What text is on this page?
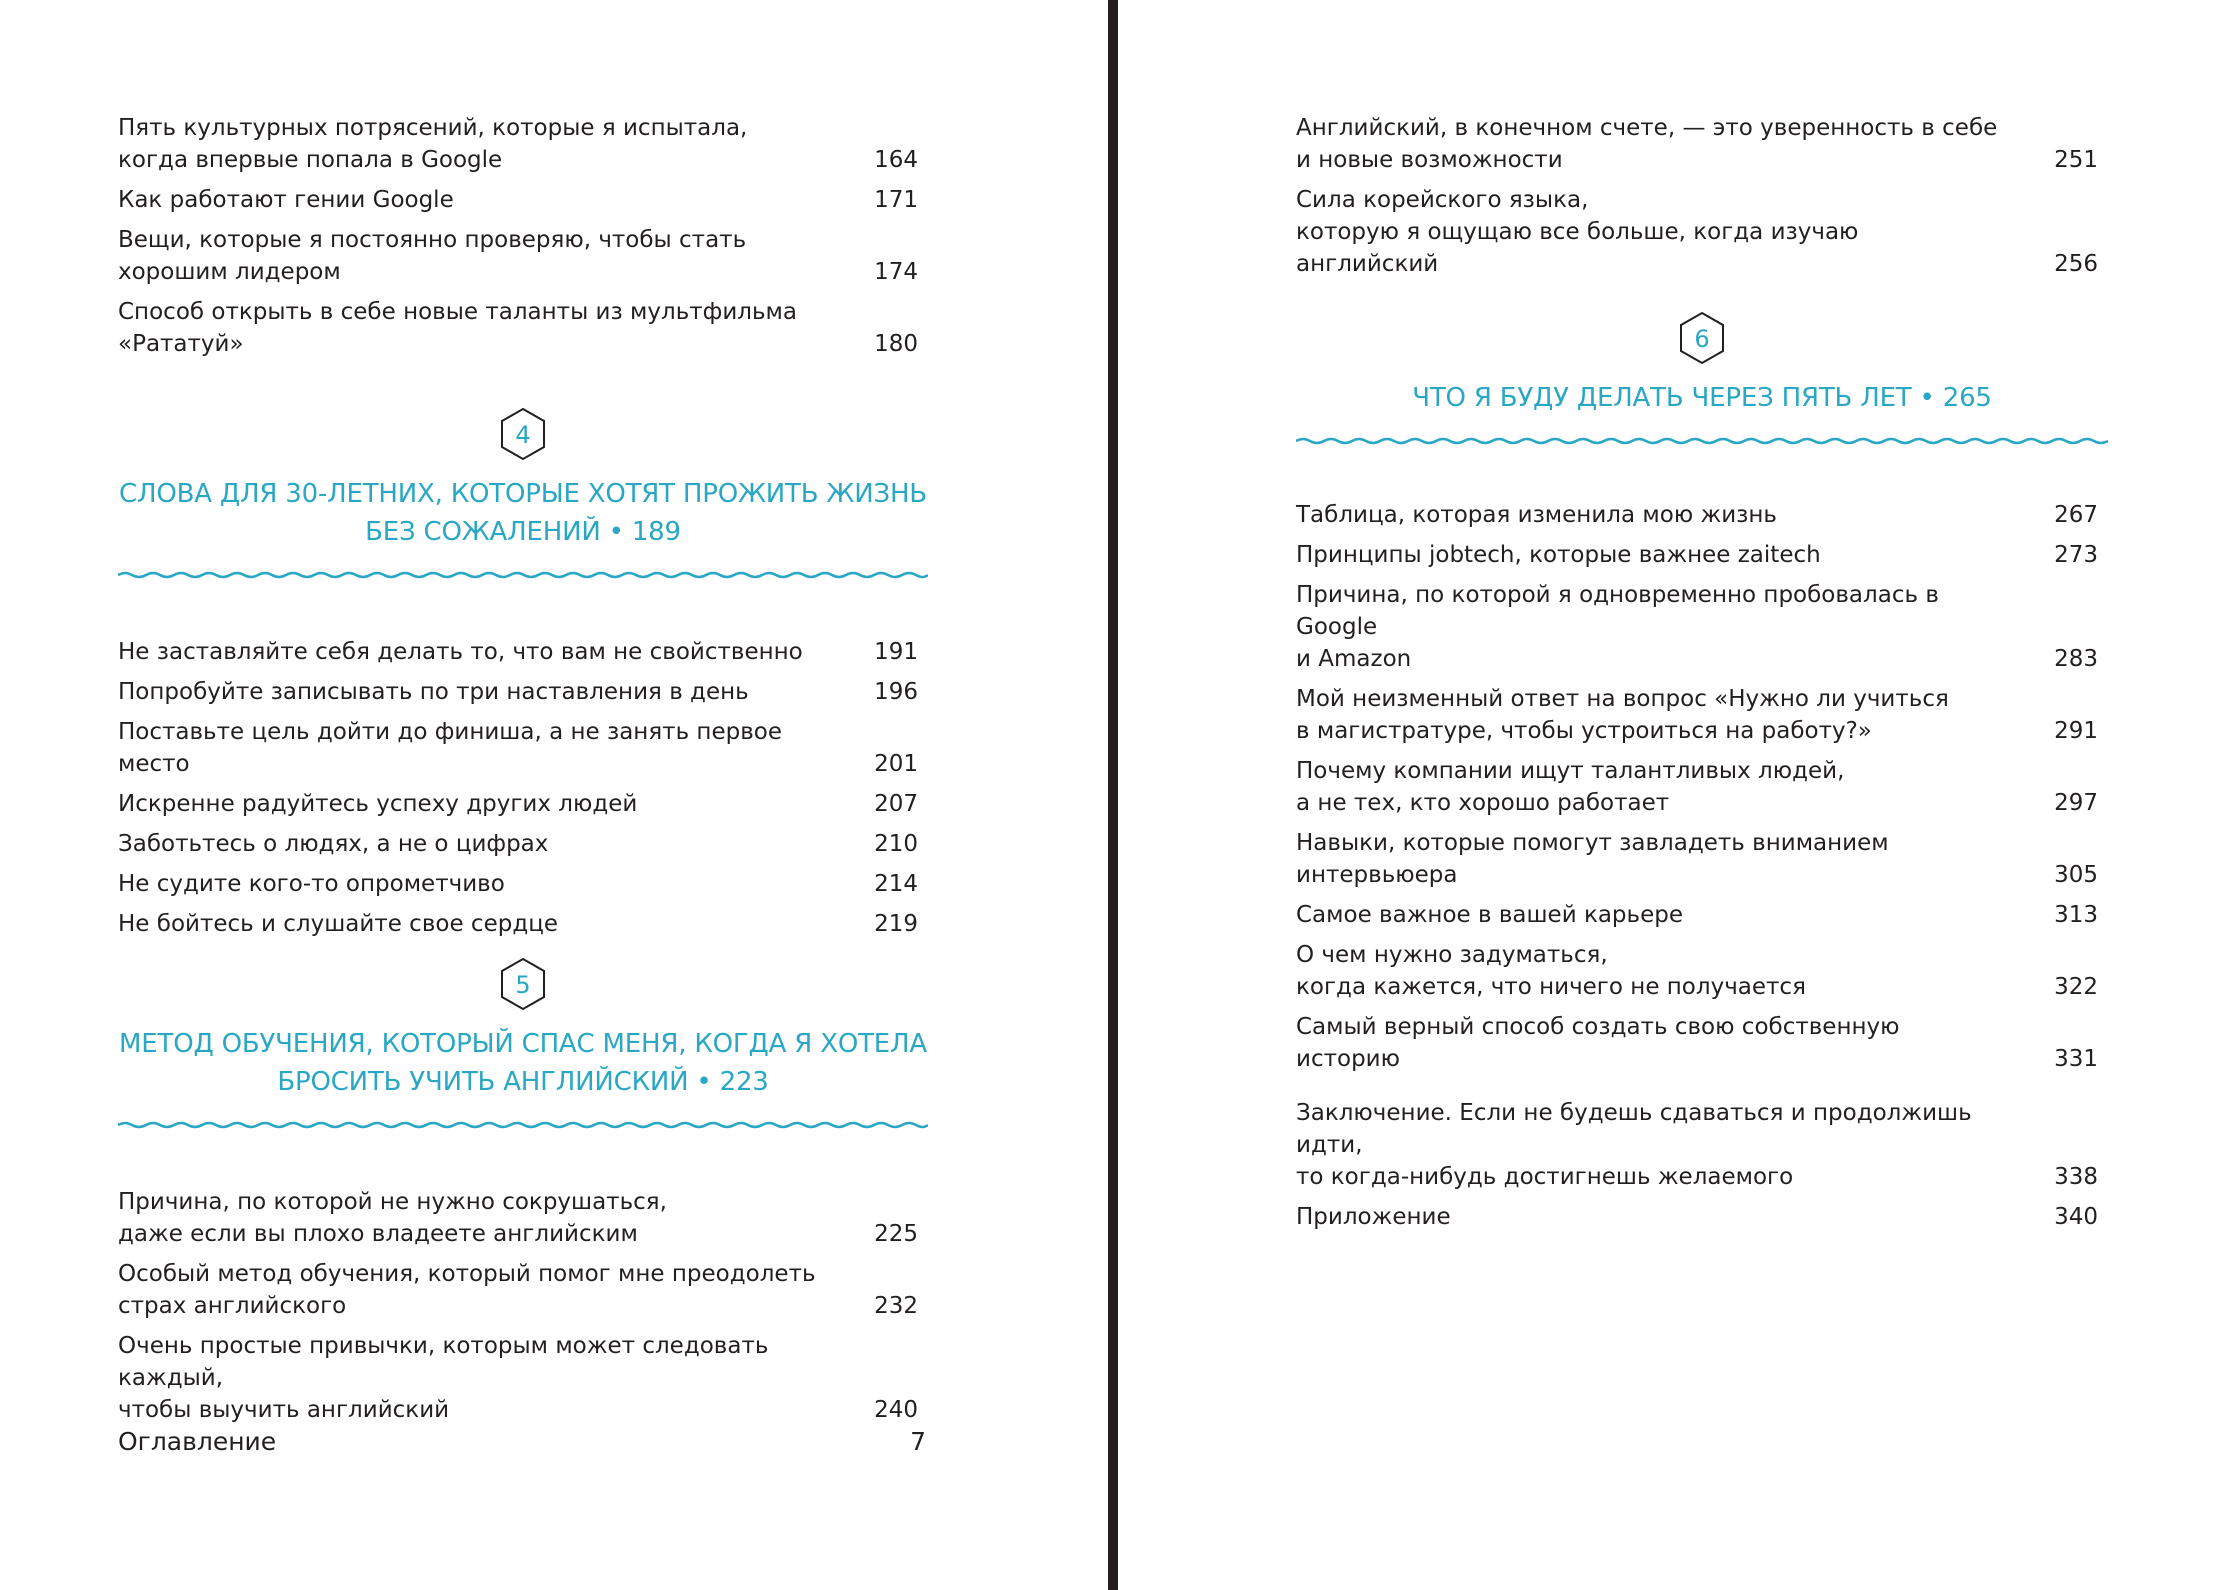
Пять культурных потрясений, которые я испытала,
когда впервые попала в Google	164
Как работают гении Google	171
Вещи, которые я постоянно проверяю, чтобы стать
хорошим лидером	174
Способ открыть в себе новые таланты из мультфильма
«Рататуй»	180
4
СЛОВА ДЛЯ 30-ЛЕТНИХ, КОТОРЫЕ ХОТЯТ ПРОЖИТЬ ЖИЗНЬ
БЕЗ СОЖАЛЕНИЙ • 189
Не заставляйте себя делать то, что вам не свойственно	191
Попробуйте записывать по три наставления в день	196
Поставьте цель дойти до финиша, а не занять первое место	201
Искренне радуйтесь успеху других людей	207
Заботьтесь о людях, а не о цифрах	210
Не судите кого-то опрометчиво	214
Не бойтесь и слушайте свое сердце	219
5
МЕТОД ОБУЧЕНИЯ, КОТОРЫЙ СПАС МЕНЯ, КОГДА Я ХОТЕЛА
БРОСИТЬ УЧИТЬ АНГЛИЙСКИЙ • 223
Причина, по которой не нужно сокрушаться,
даже если вы плохо владеете английским	225
Особый метод обучения, который помог мне преодолеть
страх английского	232
Очень простые привычки, которым может следовать каждый,
чтобы выучить английский	240
Оглавление	7
Английский, в конечном счете, — это уверенность в себе
и новые возможности	251
Сила корейского языка,
которую я ощущаю все больше, когда изучаю английский	256
6
ЧТО Я БУДУ ДЕЛАТЬ ЧЕРЕЗ ПЯТЬ ЛЕТ • 265
Таблица, которая изменила мою жизнь	267
Принципы jobtech, которые важнее zaitech	273
Причина, по которой я одновременно пробовалась в Google
и Amazon	283
Мой неизменный ответ на вопрос «Нужно ли учиться
в магистратуре, чтобы устроиться на работу?»	291
Почему компании ищут талантливых людей,
а не тех, кто хорошо работает	297
Навыки, которые помогут завладеть вниманием
интервьюера	305
Самое важное в вашей карьере	313
О чем нужно задуматься,
когда кажется, что ничего не получается	322
Самый верный способ создать свою собственную историю	331
Заключение. Если не будешь сдаваться и продолжишь идти,
то когда-нибудь достигнешь желаемого	338
Приложение	340
